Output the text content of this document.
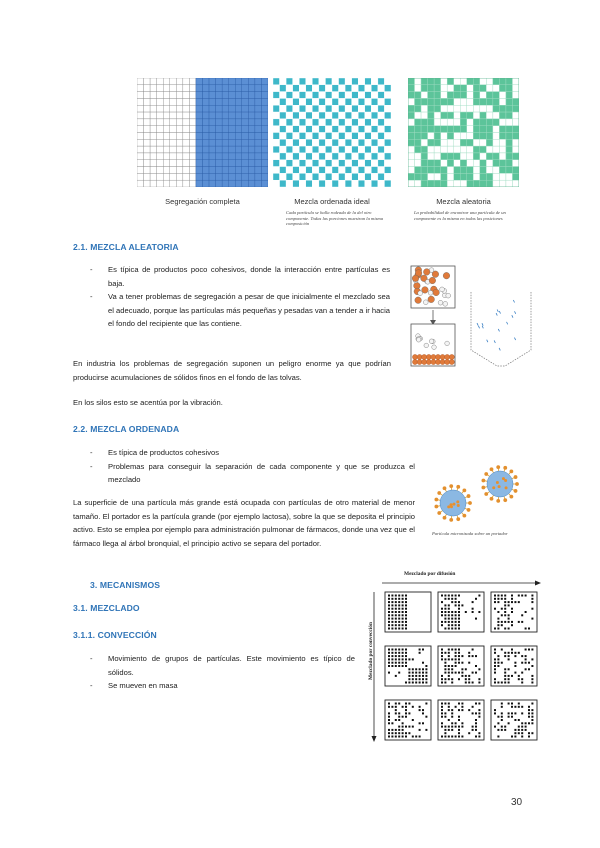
Segregación completa	Mezcla ordenada ideal	Mezcla aleatoria
Cada partícula se halla rodeada de la del otro componente. Todas las porciones muestran la misma composición
La probabilidad de encontrar una partícula de un componente es la misma en todas las posiciones
2.1. MEZCLA ALEATORIA
- Es típica de productos poco cohesivos, donde la interacción entre partículas es baja.
- Va a tener problemas de segregación a pesar de que inicialmente el mezclado sea el adecuado, porque las partículas más pequeñas y pesadas van a tender a ir hacia el fondo del recipiente que las contiene.
En industria los problemas de segregación suponen un peligro enorme ya que podrían producirse acumulaciones de sólidos finos en el fondo de las tolvas.
En los silos esto se acentúa por la vibración.
2.2. MEZCLA ORDENADA
- Es típica de productos cohesivos
- Problemas para conseguir la separación de cada componente y que se produzca el mezclado
Partícula micronizada sobre un portador
La superficie de una partícula más grande está ocupada con partículas de otro material de menor tamaño. El portador es la partícula grande (por ejemplo lactosa), sobre la que se deposita el principio activo. Esto se emplea por ejemplo para administración pulmonar de fármacos, donde una vez que el fármaco llega al árbol bronquial, el principio activo se separa del portador.
3. MECANISMOS
3.1. MEZCLADO
3.1.1. CONVECCIÓN
- Movimiento de grupos de partículas. Este movimiento es típico de sólidos.
- Se mueven en masa
Mezclado por difusión
Mezclado por convección
30
